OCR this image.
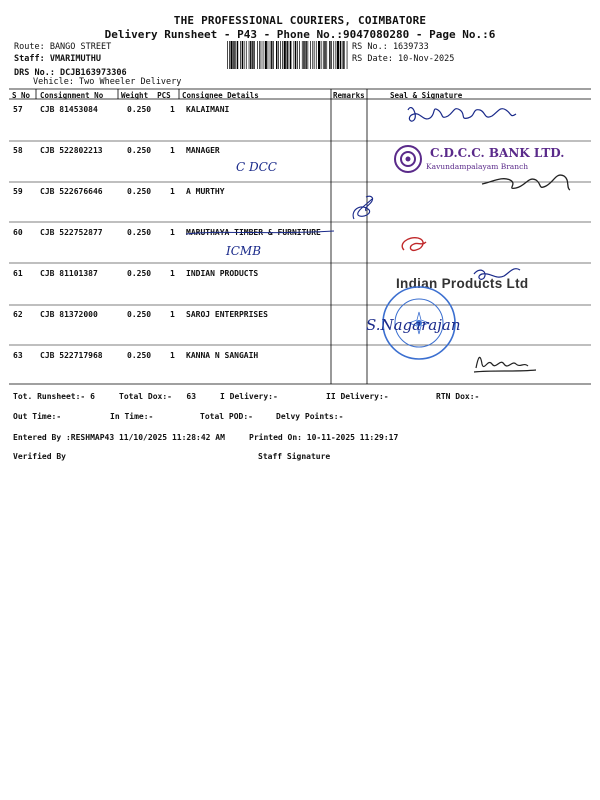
THE PROFESSIONAL COURIERS, COIMBATORE
Delivery Runsheet - P43 - Phone No.:9047080280 - Page No.:6
Route: BANGO STREET
Staff: VMARIMUTHU
DRS No.: DCJB163973306
Vehicle: Two Wheeler Delivery
RS No.: 1639733
RS Date: 10-Nov-2025
S No Consignment No Weight  PCS Consignee Details	Remarks	Seal & Signature
57 CJB 81453084	0.250 1 KALAIMANI
58 CJB 522802213	0.250 1 MANAGER
C DCC
59 CJB 522676646	0.250 1 A MURTHY
60 CJB 522752877	0.250 1 MARUTHAYA TIMBER & FURNITURE
ICMB
61 CJB 81101387	0.250 1 INDIAN PRODUCTS
62 CJB 81372000	0.250 1 SAROJ ENTERPRISES
63 CJB 522717968	0.250 1 KANNA N SANGAIH
C.D.C.C. BANK LTD.
Kavundampalayam Branch
Indian Products Ltd
S.Nagarajan
Tot. Runsheet:- 6	Total Dox:-   63	I Delivery:-	II Delivery:-	RTN Dox:-
Out Time:-	In Time:-	Total POD:-	Delvy Points:-
Entered By :RESHMAP43 11/10/2025 11:28:42 AM	Printed On: 10-11-2025 11:29:17
Verified By	Staff Signature
